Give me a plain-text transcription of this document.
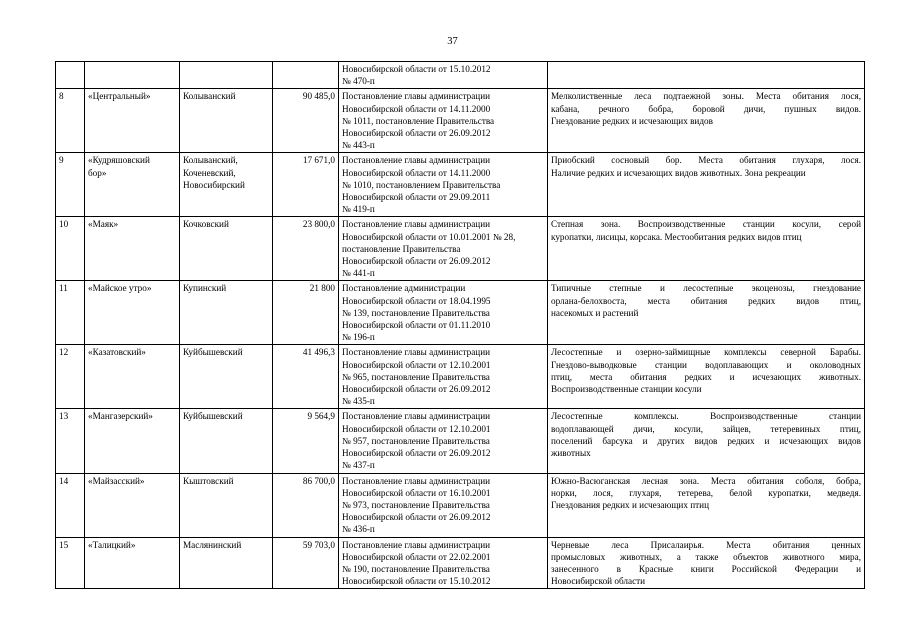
37

				Новосибирской области от 15.10.2012
№ 470-п	

8	«Центральный»	Колыванский	90 485,0	Постановление главы администрации
Новосибирской области от 14.11.2000
№ 1011, постановление Правительства
Новосибирской области от 26.09.2012
№ 443-п	Мелколиственные леса подтаежной зоны. Места обитания лося,
кабана, речного бобра, боровой дичи, пушных видов.
Гнездование редких и исчезающих видов

9	«Кудряшовский
бор»	Колыванский,
Коченевский,
Новосибирский	17 671,0	Постановление главы администрации
Новосибирской области от 14.11.2000
№ 1010, постановлением Правительства
Новосибирской области от 29.09.2011
№ 419-п	Приобский сосновый бор. Места обитания глухаря, лося.
Наличие редких и исчезающих видов животных. Зона рекреации

10	«Маяк»	Кочковский	23 800,0	Постановление главы администрации
Новосибирской области от 10.01.2001 № 28,
постановление Правительства
Новосибирской области от 26.09.2012
№ 441-п	Степная зона. Воспроизводственные станции косули, серой
куропатки, лисицы, корсака. Местообитания редких видов птиц

11	«Майское утро»	Купинский	21 800	Постановление администрации
Новосибирской области от 18.04.1995
№ 139, постановление Правительства
Новосибирской области от 01.11.2010
№ 196-п	Типичные степные и лесостепные экоценозы, гнездование
орлана-белохвоста, места обитания редких видов птиц,
насекомых и растений

12	«Казатовский»	Куйбышевский	41 496,3	Постановление главы администрации
Новосибирской области от 12.10.2001
№ 965, постановление Правительства
Новосибирской области от 26.09.2012
№ 435-п	Лесостепные и озерно-займищные комплексы северной Барабы.
Гнездово-выводковые станции водоплавающих и околоводных
птиц, места обитания редких и исчезающих животных.
Воспроизводственные станции косули

13	«Мангазерский»	Куйбышевский	9 564,9	Постановление главы администрации
Новосибирской области от 12.10.2001
№ 957, постановление Правительства
Новосибирской области от 26.09.2012
№ 437-п	Лесостепные комплексы. Воспроизводственные станции
водоплавающей дичи, косули, зайцев, тетеревиных птиц,
поселений барсука и других видов редких и исчезающих видов
животных

14	«Майзасский»	Кыштовский	86 700,0	Постановление главы администрации
Новосибирской области от 16.10.2001
№ 973, постановление Правительства
Новосибирской области от 26.09.2012
№ 436-п	Южно-Васюганская лесная зона. Места обитания соболя, бобра,
норки, лося, глухаря, тетерева, белой куропатки, медведя.
Гнездования редких и исчезающих птиц

15	«Талицкий»	Маслянинский	59 703,0	Постановление главы администрации
Новосибирской области от 22.02.2001
№ 190, постановление Правительства
Новосибирской области от 15.10.2012	Черневые леса Присалаирья. Места обитания ценных
промысловых животных, а также объектов животного мира,
занесенного в Красные книги Российской Федерации и
Новосибирской области
